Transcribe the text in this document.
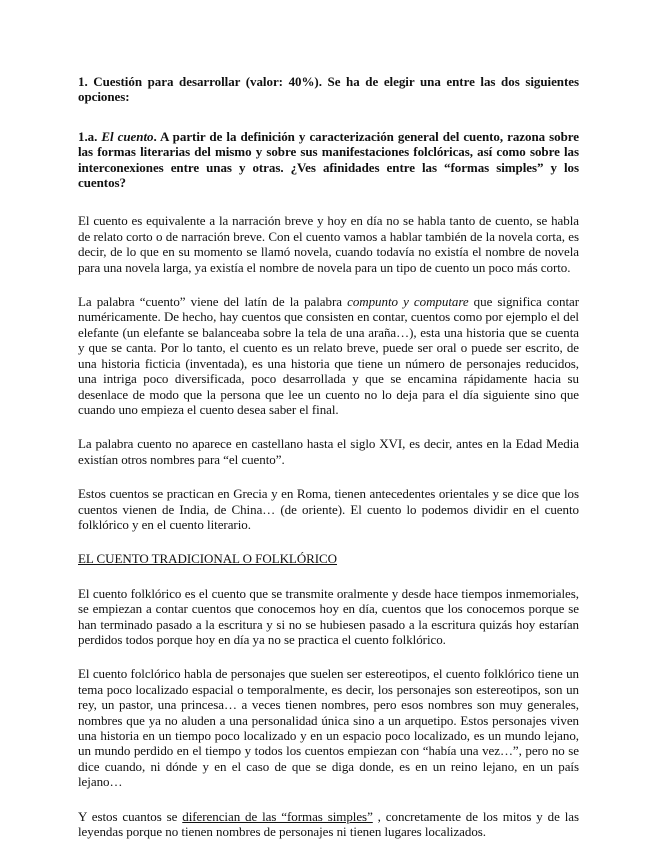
1. Cuestión para desarrollar (valor: 40%). Se ha de elegir una entre las dos siguientes opciones:

1.a. El cuento. A partir de la definición y caracterización general del cuento, razona sobre las formas literarias del mismo y sobre sus manifestaciones folclóricas, así como sobre las interconexiones entre unas y otras. ¿Ves afinidades entre las “formas simples” y los cuentos?

El cuento es equivalente a la narración breve y hoy en día no se habla tanto de cuento, se habla de relato corto o de narración breve. Con el cuento vamos a hablar también de la novela corta, es decir, de lo que en su momento se llamó novela, cuando todavía no existía el nombre de novela para una novela larga, ya existía el nombre de novela para un tipo de cuento un poco más corto.

La palabra “cuento” viene del latín de la palabra compunto y computare que significa contar numéricamente. De hecho, hay cuentos que consisten en contar, cuentos como por ejemplo el del elefante (un elefante se balanceaba sobre la tela de una araña…), esta una historia que se cuenta y que se canta. Por lo tanto, el cuento es un relato breve, puede ser oral o puede ser escrito, de una historia ficticia (inventada), es una historia que tiene un número de personajes reducidos, una intriga poco diversificada, poco desarrollada y que se encamina rápidamente hacia su desenlace de modo que la persona que lee un cuento no lo deja para el día siguiente sino que cuando uno empieza el cuento desea saber el final.

La palabra cuento no aparece en castellano hasta el siglo XVI, es decir, antes en la Edad Media existían otros nombres para “el cuento”.

Estos cuentos se practican en Grecia y en Roma, tienen antecedentes orientales y se dice que los cuentos vienen de India, de China… (de oriente). El cuento lo podemos dividir en el cuento folklórico y en el cuento literario.

EL CUENTO TRADICIONAL O FOLKLÓRICO

El cuento folklórico es el cuento que se transmite oralmente y desde hace tiempos inmemoriales, se empiezan a contar cuentos que conocemos hoy en día, cuentos que los conocemos porque se han terminado pasado a la escritura y si no se hubiesen pasado a la escritura quizás hoy estarían perdidos todos porque hoy en día ya no se practica el cuento folklórico.

El cuento folclórico habla de personajes que suelen ser estereotipos, el cuento folklórico tiene un tema poco localizado espacial o temporalmente, es decir, los personajes son estereotipos, son un rey, un pastor, una princesa… a veces tienen nombres, pero esos nombres son muy generales, nombres que ya no aluden a una personalidad única sino a un arquetipo. Estos personajes viven una historia en un tiempo poco localizado y en un espacio poco localizado, es un mundo lejano, un mundo perdido en el tiempo y todos los cuentos empiezan con “había una vez…”, pero no se dice cuando, ni dónde y en el caso de que se diga donde, es en un reino lejano, en un país lejano…

Y estos cuantos se diferencian de las “formas simples” , concretamente de los mitos y de las leyendas porque no tienen nombres de personajes ni tienen lugares localizados.
